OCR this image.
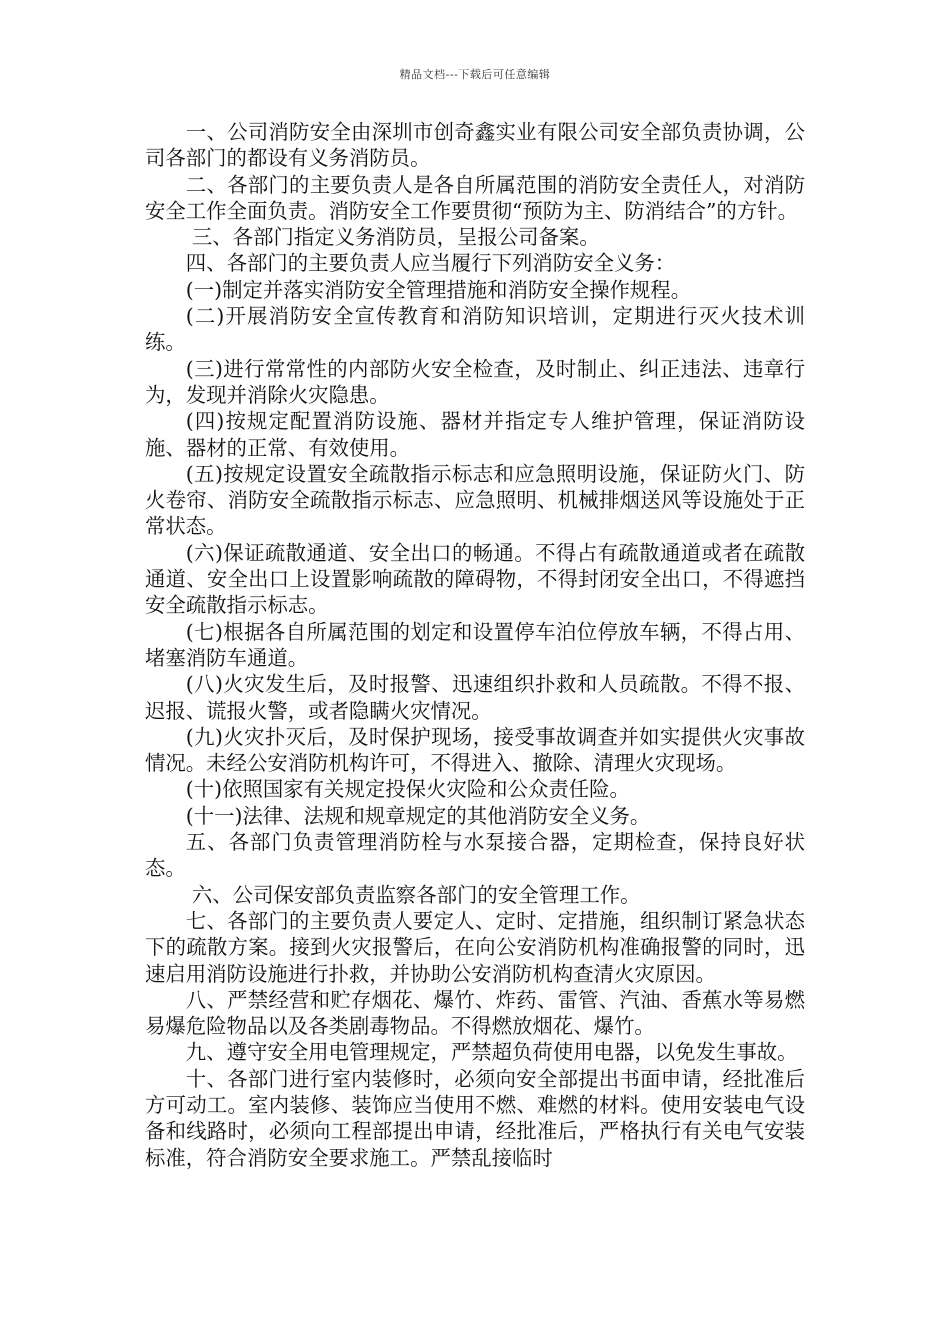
精品文档---下载后可任意编辑

一、公司消防安全由深圳市创奇鑫实业有限公司安全部负责协调，公司各部门的都设有义务消防员。

二、各部门的主要负责人是各自所属范围的消防安全责任人，对消防安全工作全面负责。消防安全工作要贯彻“预防为主、防消结合”的方针。

三、各部门指定义务消防员，呈报公司备案。

四、各部门的主要负责人应当履行下列消防安全义务：

(一)制定并落实消防安全管理措施和消防安全操作规程。

(二)开展消防安全宣传教育和消防知识培训，定期进行灭火技术训练。

(三)进行常常性的内部防火安全检查，及时制止、纠正违法、违章行为，发现并消除火灾隐患。

(四)按规定配置消防设施、器材并指定专人维护管理，保证消防设施、器材的正常、有效使用。

(五)按规定设置安全疏散指示标志和应急照明设施，保证防火门、防火卷帘、消防安全疏散指示标志、应急照明、机械排烟送风等设施处于正常状态。

(六)保证疏散通道、安全出口的畅通。不得占有疏散通道或者在疏散通道、安全出口上设置影响疏散的障碍物，不得封闭安全出口，不得遮挡安全疏散指示标志。

(七)根据各自所属范围的划定和设置停车泊位停放车辆，不得占用、堵塞消防车通道。

(八)火灾发生后，及时报警、迅速组织扑救和人员疏散。不得不报、迟报、谎报火警，或者隐瞒火灾情况。

(九)火灾扑灭后，及时保护现场，接受事故调查并如实提供火灾事故情况。未经公安消防机构许可，不得进入、撤除、清理火灾现场。

(十)依照国家有关规定投保火灾险和公众责任险。

(十一)法律、法规和规章规定的其他消防安全义务。

五、各部门负责管理消防栓与水泵接合器，定期检查，保持良好状态。

六、公司保安部负责监察各部门的安全管理工作。

七、各部门的主要负责人要定人、定时、定措施，组织制订紧急状态下的疏散方案。接到火灾报警后，在向公安消防机构准确报警的同时，迅速启用消防设施进行扑救，并协助公安消防机构查清火灾原因。

八、严禁经营和贮存烟花、爆竹、炸药、雷管、汽油、香蕉水等易燃易爆危险物品以及各类剧毒物品。不得燃放烟花、爆竹。

九、遵守安全用电管理规定，严禁超负荷使用电器，以免发生事故。

十、各部门进行室内装修时，必须向安全部提出书面申请，经批准后方可动工。室内装修、装饰应当使用不燃、难燃的材料。使用安装电气设备和线路时，必须向工程部提出申请，经批准后，严格执行有关电气安装标准，符合消防安全要求施工。严禁乱接临时
